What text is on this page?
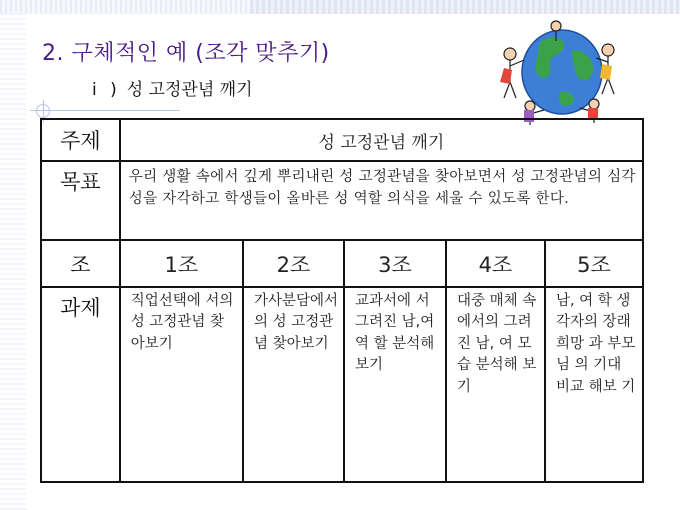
2. 구체적인 예 (조각 맞추기)
i ) 성 고정관념 깨기
주제	성 고정관념 깨기				
목표	우리 생활 속에서 깊게 뿌리내린 성 고정관념을 찾아보면서 성 고정관념의 심각성을 자각하고 학생들이 올바른 성 역할 의식을 세울 수 있도록 한다.				
조	1조	2조	3조	4조	5조
과제	직업선택에 서의 성 고정관념 찾아보기	가사분담에서의 성 고정관념 찾아보기	교과서에 서 그려진 남,여 역 할 분석해 보기	대중 매체 속에서의 그려진 남, 여 모습 분석해 보기	남, 여 학 생 각자의 장래희망 과 부모님 의 기대 비교 해보 기
